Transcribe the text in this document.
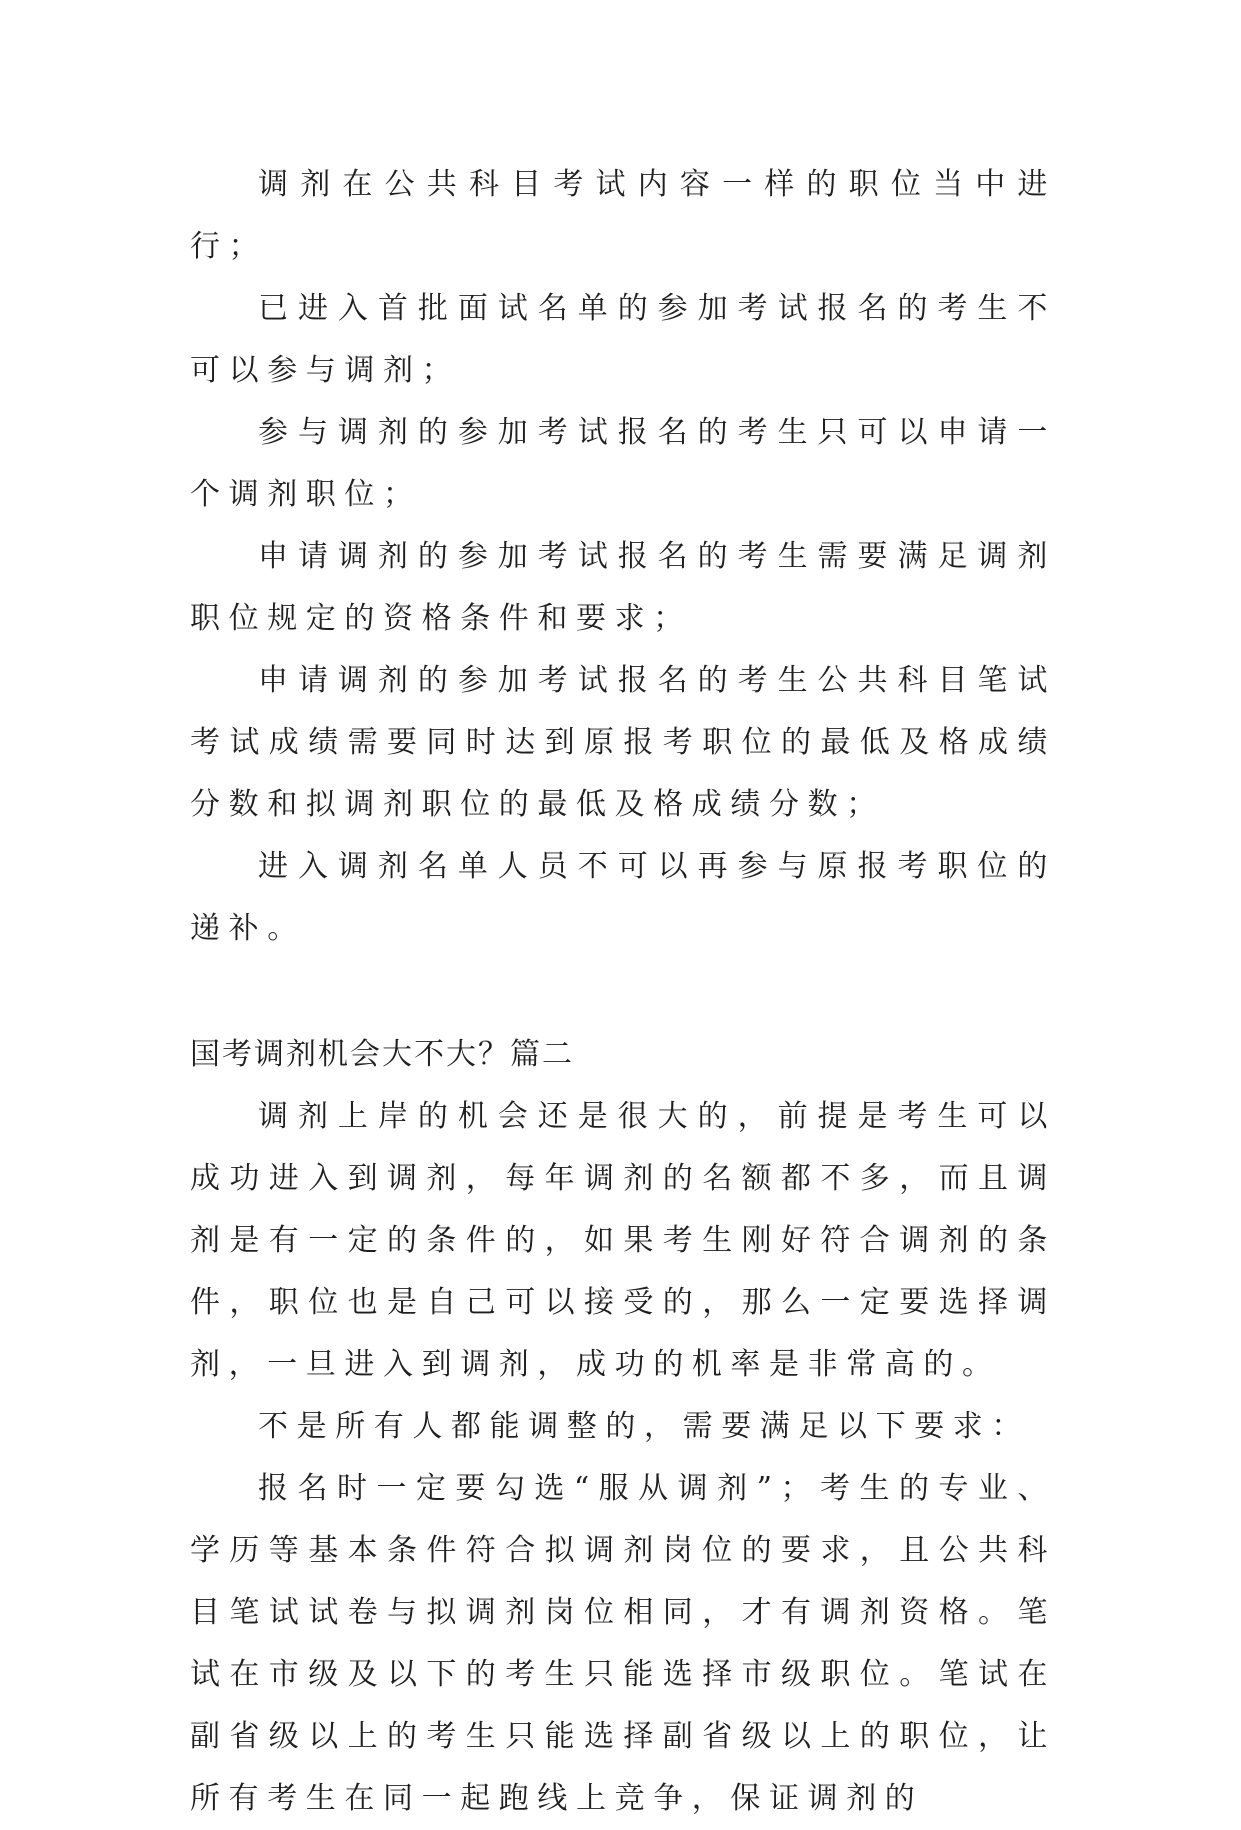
调剂在公共科目考试内容一样的职位当中进行；

已进入首批面试名单的参加考试报名的考生不可以参与调剂；

参与调剂的参加考试报名的考生只可以申请一个调剂职位；

申请调剂的参加考试报名的考生需要满足调剂职位规定的资格条件和要求；

申请调剂的参加考试报名的考生公共科目笔试考试成绩需要同时达到原报考职位的最低及格成绩分数和拟调剂职位的最低及格成绩分数；

进入调剂名单人员不可以再参与原报考职位的递补。

国考调剂机会大不大？篇二

调剂上岸的机会还是很大的，前提是考生可以成功进入到调剂，每年调剂的名额都不多，而且调剂是有一定的条件的，如果考生刚好符合调剂的条件，职位也是自己可以接受的，那么一定要选择调剂，一旦进入到调剂，成功的机率是非常高的。

不是所有人都能调整的，需要满足以下要求：

报名时一定要勾选“服从调剂”；考生的专业、学历等基本条件符合拟调剂岗位的要求，且公共科目笔试试卷与拟调剂岗位相同，才有调剂资格。笔试在市级及以下的考生只能选择市级职位。笔试在副省级以上的考生只能选择副省级以上的职位，让所有考生在同一起跑线上竞争，保证调剂的
